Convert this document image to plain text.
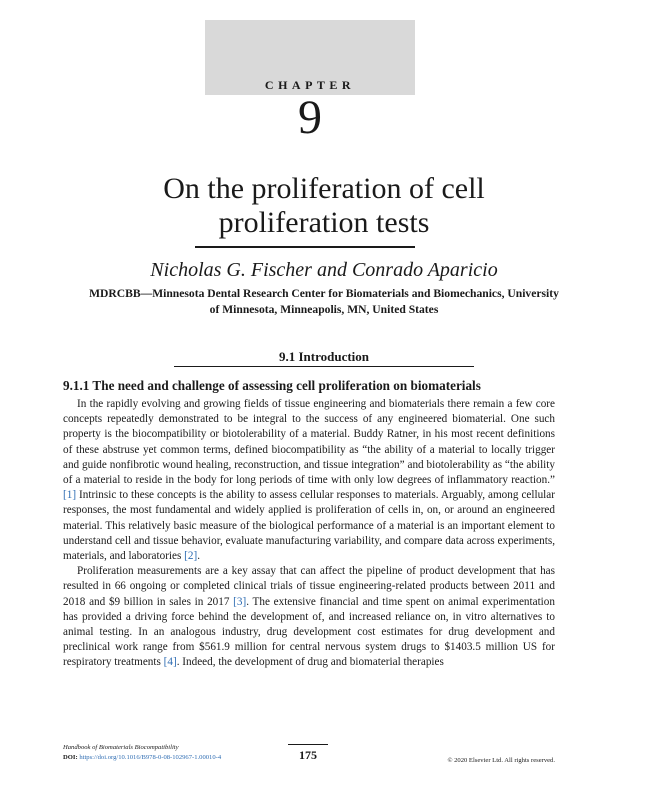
CHAPTER
9
On the proliferation of cell
proliferation tests
Nicholas G. Fischer and Conrado Aparicio
MDRCBB—Minnesota Dental Research Center for Biomaterials and Biomechanics, University
of Minnesota, Minneapolis, MN, United States
9.1 Introduction
9.1.1 The need and challenge of assessing cell proliferation on biomaterials

In the rapidly evolving and growing fields of tissue engineering and biomaterials there remain a few core concepts repeatedly demonstrated to be integral to the success of any engineered biomaterial. One such property is the biocompatibility or biotolerability of a material. Buddy Ratner, in his most recent definitions of these abstruse yet common terms, defined biocompatibility as “the ability of a material to locally trigger and guide nonfibrotic wound healing, reconstruction, and tissue integration” and biotolerability as “the ability of a material to reside in the body for long periods of time with only low degrees of inflammatory reaction.” [1] Intrinsic to these concepts is the ability to assess cellular responses to materials. Arguably, among cellular responses, the most fundamental and widely applied is proliferation of cells in, on, or around an engineered material. This relatively basic measure of the biological performance of a material is an important element to understand cell and tissue behavior, evaluate manufacturing variability, and compare data across experiments, materials, and laboratories [2].

Proliferation measurements are a key assay that can affect the pipeline of product development that has resulted in 66 ongoing or completed clinical trials of tissue engineering-related products between 2011 and 2018 and $9 billion in sales in 2017 [3]. The extensive financial and time spent on animal experimentation has provided a driving force behind the development of, and increased reliance on, in vitro alternatives to animal testing. In an analogous industry, drug development cost estimates for drug development and preclinical work range from $561.9 million for central nervous system drugs to $1403.5 million US for respiratory treatments [4]. Indeed, the development of drug and biomaterial therapies

Handbook of Biomaterials Biocompatibility
DOI: https://doi.org/10.1016/B978-0-08-102967-1.00010-4	175	© 2020 Elsevier Ltd. All rights reserved.
